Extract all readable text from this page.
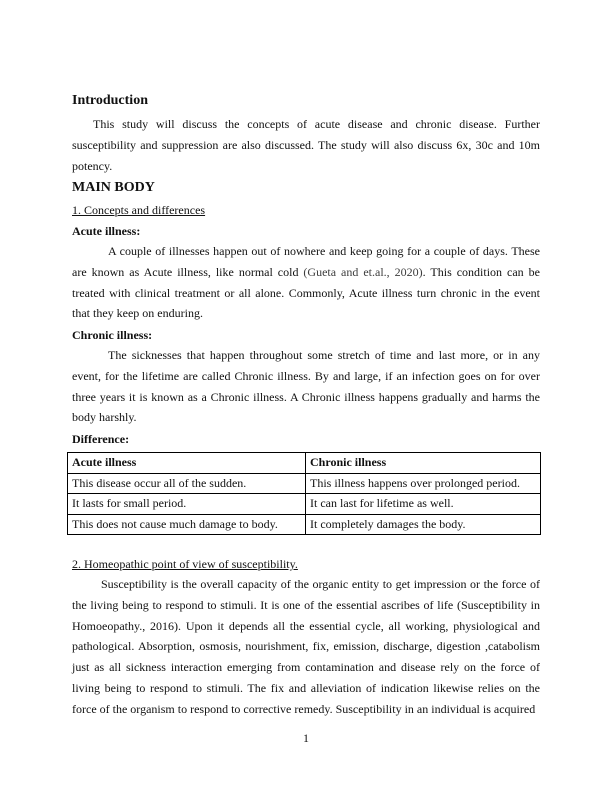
Introduction

This study will discuss the concepts of acute disease and chronic disease. Further susceptibility and suppression are also discussed. The study will also discuss 6x, 30c and 10m potency.

MAIN BODY
1. Concepts and differences
Acute illness:

A couple of illnesses happen out of nowhere and keep going for a couple of days. These are known as Acute illness, like normal cold (Gueta and et.al., 2020). This condition can be treated with clinical treatment or all alone. Commonly, Acute illness turn chronic in the event that they keep on enduring.

Chronic illness:

The sicknesses that happen throughout some stretch of time and last more, or in any event, for the lifetime are called Chronic illness. By and large, if an infection goes on for over three years it is known as a Chronic illness. A Chronic illness happens gradually and harms the body harshly.

Difference:
Acute illness	Chronic illness
This disease occur all of the sudden.	This illness happens over prolonged period.
It lasts for small period.	It can last for lifetime as well.
This does not cause much damage to body.	It completely damages the body.
2. Homeopathic point of view of susceptibility.

Susceptibility is the overall capacity of the organic entity to get impression or the force of the living being to respond to stimuli. It is one of the essential ascribes of life (Susceptibility in Homoeopathy., 2016). Upon it depends all the essential cycle, all working, physiological and pathological. Absorption, osmosis, nourishment, fix, emission, discharge, digestion ,catabolism just as all sickness interaction emerging from contamination and disease rely on the force of living being to respond to stimuli. The fix and alleviation of indication likewise relies on the force of the organism to respond to corrective remedy. Susceptibility in an individual is acquired

1
